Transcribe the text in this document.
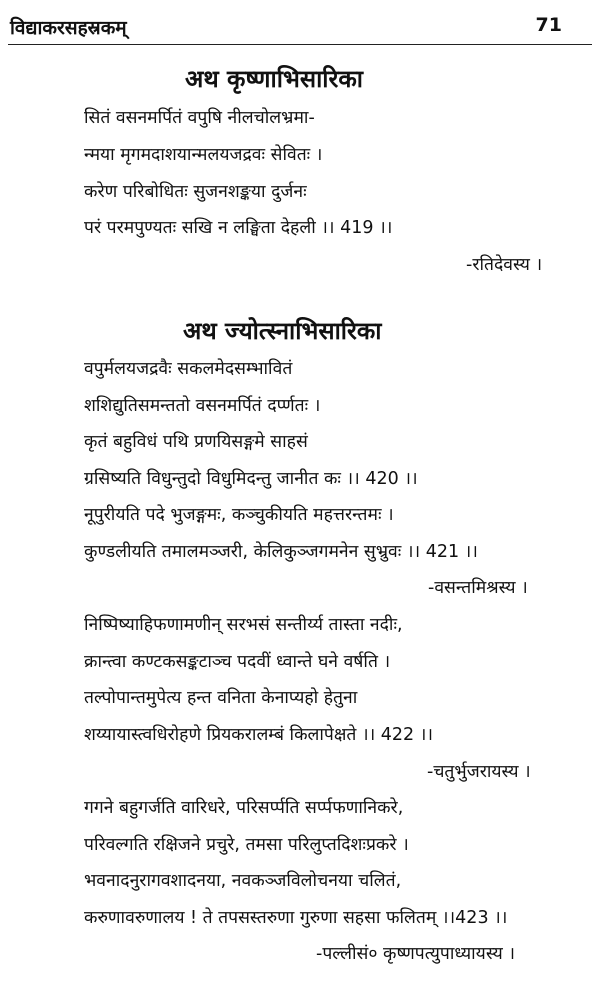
विद्याकरसहस्रकम्	71
अथ कृष्णाभिसारिका
सितं वसनमर्पितं वपुषि नीलचोलभ्रमा-
न्मया मृगमदाशयान्मलयजद्रवः सेवितः ।
करेण परिबोधितः सुजनशङ्कया दुर्जनः
परं परमपुण्यतः सखि न लङ्घिता देहली ।। 419 ।।
-रतिदेवस्य ।
अथ ज्योत्स्नाभिसारिका
वपुर्मलयजद्रवैः सकलमेदसम्भावितं
शशिद्युतिसमन्ततो वसनमर्पितं दर्प्णतः ।
कृतं बहुविधं पथि प्रणयिसङ्गमे साहसं
ग्रसिष्यति विधुन्तुदो विधुमिदन्तु जानीत कः ।। 420 ।।
नूपुरीयति पदे भुजङ्गमः, कञ्चुकीयति महत्तरन्तमः ।
कुण्डलीयति तमालमञ्जरी, केलिकुञ्जगमनेन सुभ्रुवः ।। 421 ।।
-वसन्तमिश्रस्य ।
निष्पिष्याहिफणामणीन् सरभसं सन्तीर्य्य तास्ता नदीः,
क्रान्त्वा कण्टकसङ्कटाञ्च पदवीं ध्वान्ते घने वर्षति ।
तल्पोपान्तमुपेत्य हन्त वनिता केनाप्यहो हेतुना
शय्यायास्त्वधिरोहणे प्रियकरालम्बं किलापेक्षते ।। 422 ।।
-चतुर्भुजरायस्य ।
गगने बहुगर्जति वारिधरे, परिसर्प्पति सर्प्पफणानिकरे,
परिवल्गति रक्षिजने प्रचुरे, तमसा परिलुप्तदिशःप्रकरे ।
भवनादनुरागवशादनया, नवकञ्जविलोचनया चलितं,
करुणावरुणालय ! ते तपसस्तरुणा गुरुणा सहसा फलितम् ।।423 ।।
-पल्लीसं० कृष्णपत्युपाध्यायस्य ।
